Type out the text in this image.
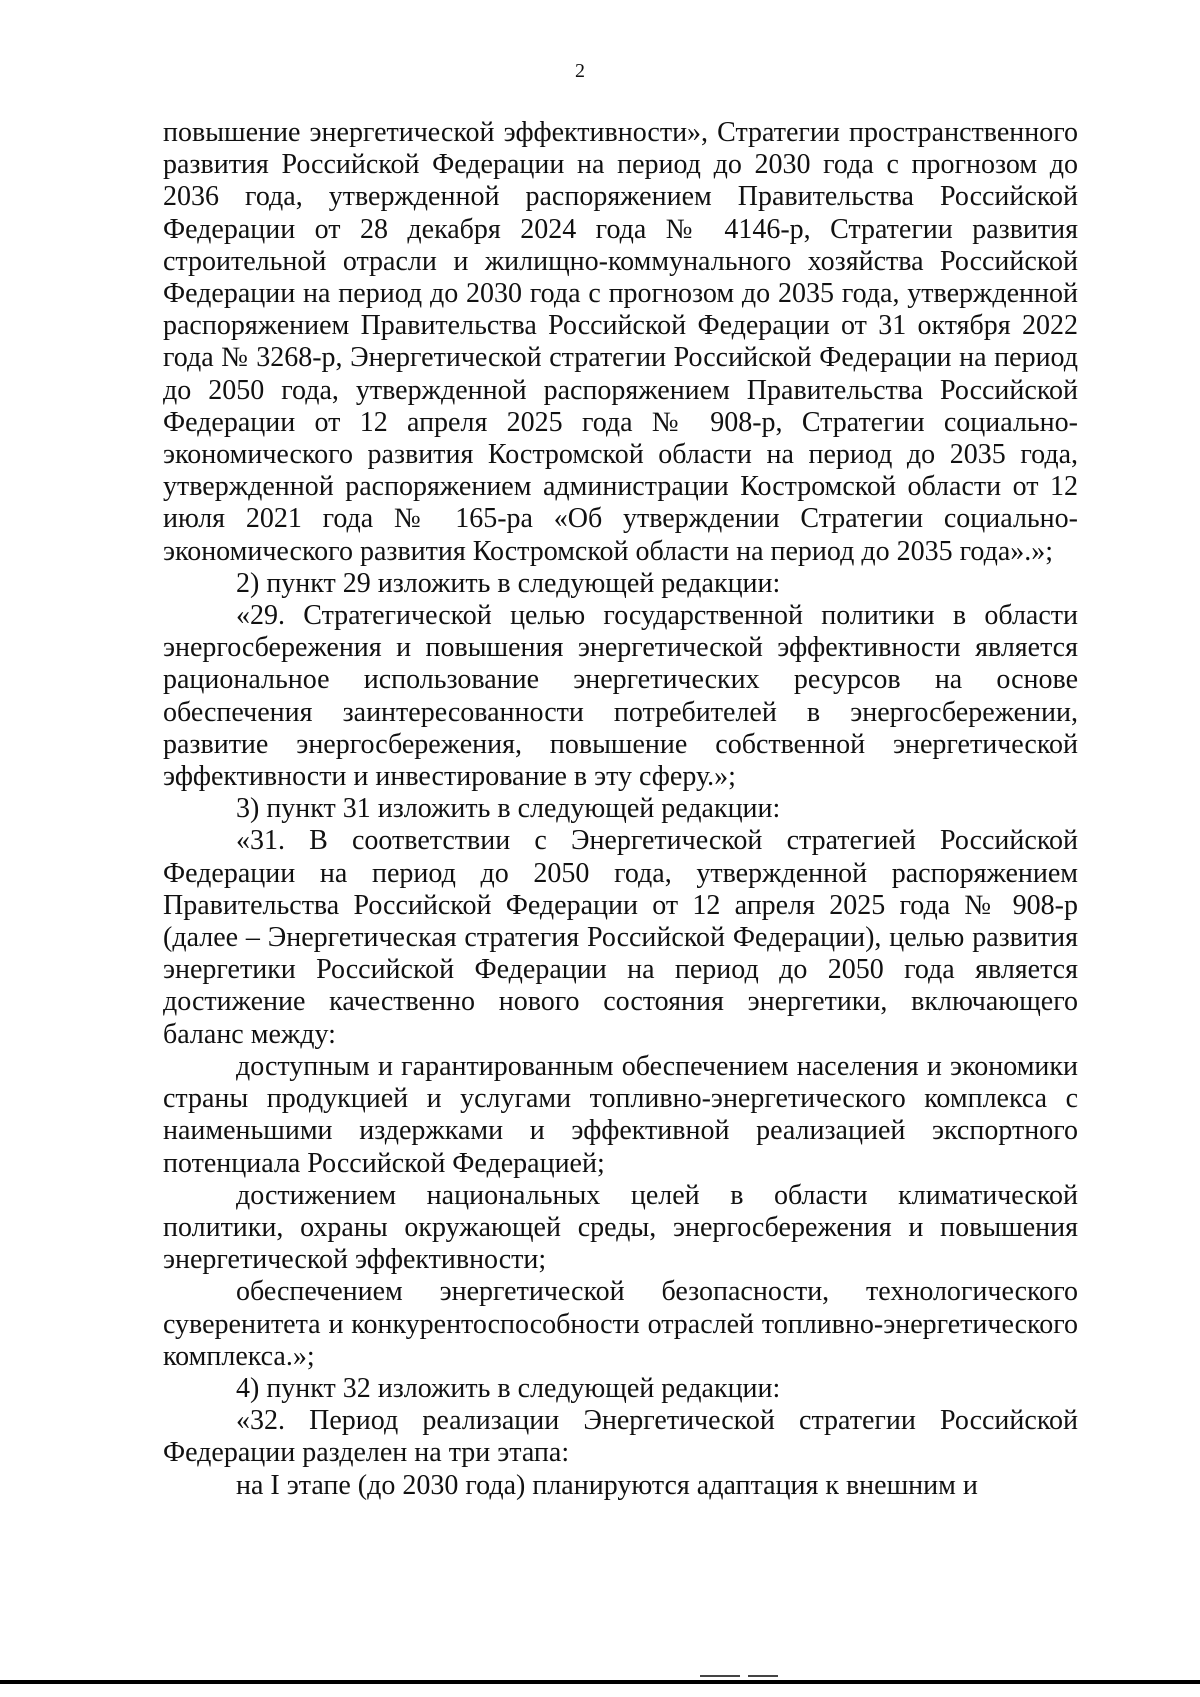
2

повышение энергетической эффективности», Стратегии пространственного развития Российской Федерации на период до 2030 года с прогнозом до 2036 года, утвержденной распоряжением Правительства Российской Федерации от 28 декабря 2024 года № 4146-р, Стратегии развития строительной отрасли и жилищно-коммунального хозяйства Российской Федерации на период до 2030 года с прогнозом до 2035 года, утвержденной распоряжением Правительства Российской Федерации от 31 октября 2022 года № 3268-р, Энергетической стратегии Российской Федерации на период до 2050 года, утвержденной распоряжением Правительства Российской Федерации от 12 апреля 2025 года № 908-р, Стратегии социально-экономического развития Костромской области на период до 2035 года, утвержденной распоряжением администрации Костромской области от 12 июля 2021 года № 165-ра «Об утверждении Стратегии социально-экономического развития Костромской области на период до 2035 года».»;

2) пункт 29 изложить в следующей редакции:

«29. Стратегической целью государственной политики в области энергосбережения и повышения энергетической эффективности является рациональное использование энергетических ресурсов на основе обеспечения заинтересованности потребителей в энергосбережении, развитие энергосбережения, повышение собственной энергетической эффективности и инвестирование в эту сферу.»;

3) пункт 31 изложить в следующей редакции:

«31. В соответствии с Энергетической стратегией Российской Федерации на период до 2050 года, утвержденной распоряжением Правительства Российской Федерации от 12 апреля 2025 года № 908-р (далее – Энергетическая стратегия Российской Федерации), целью развития энергетики Российской Федерации на период до 2050 года является достижение качественно нового состояния энергетики, включающего баланс между:

доступным и гарантированным обеспечением населения и экономики страны продукцией и услугами топливно-энергетического комплекса с наименьшими издержками и эффективной реализацией экспортного потенциала Российской Федерацией;

достижением национальных целей в области климатической политики, охраны окружающей среды, энергосбережения и повышения энергетической эффективности;

обеспечением энергетической безопасности, технологического суверенитета и конкурентоспособности отраслей топливно-энергетического комплекса.»;

4) пункт 32 изложить в следующей редакции:

«32. Период реализации Энергетической стратегии Российской Федерации разделен на три этапа:

на I этапе (до 2030 года) планируются адаптация к внешним и
